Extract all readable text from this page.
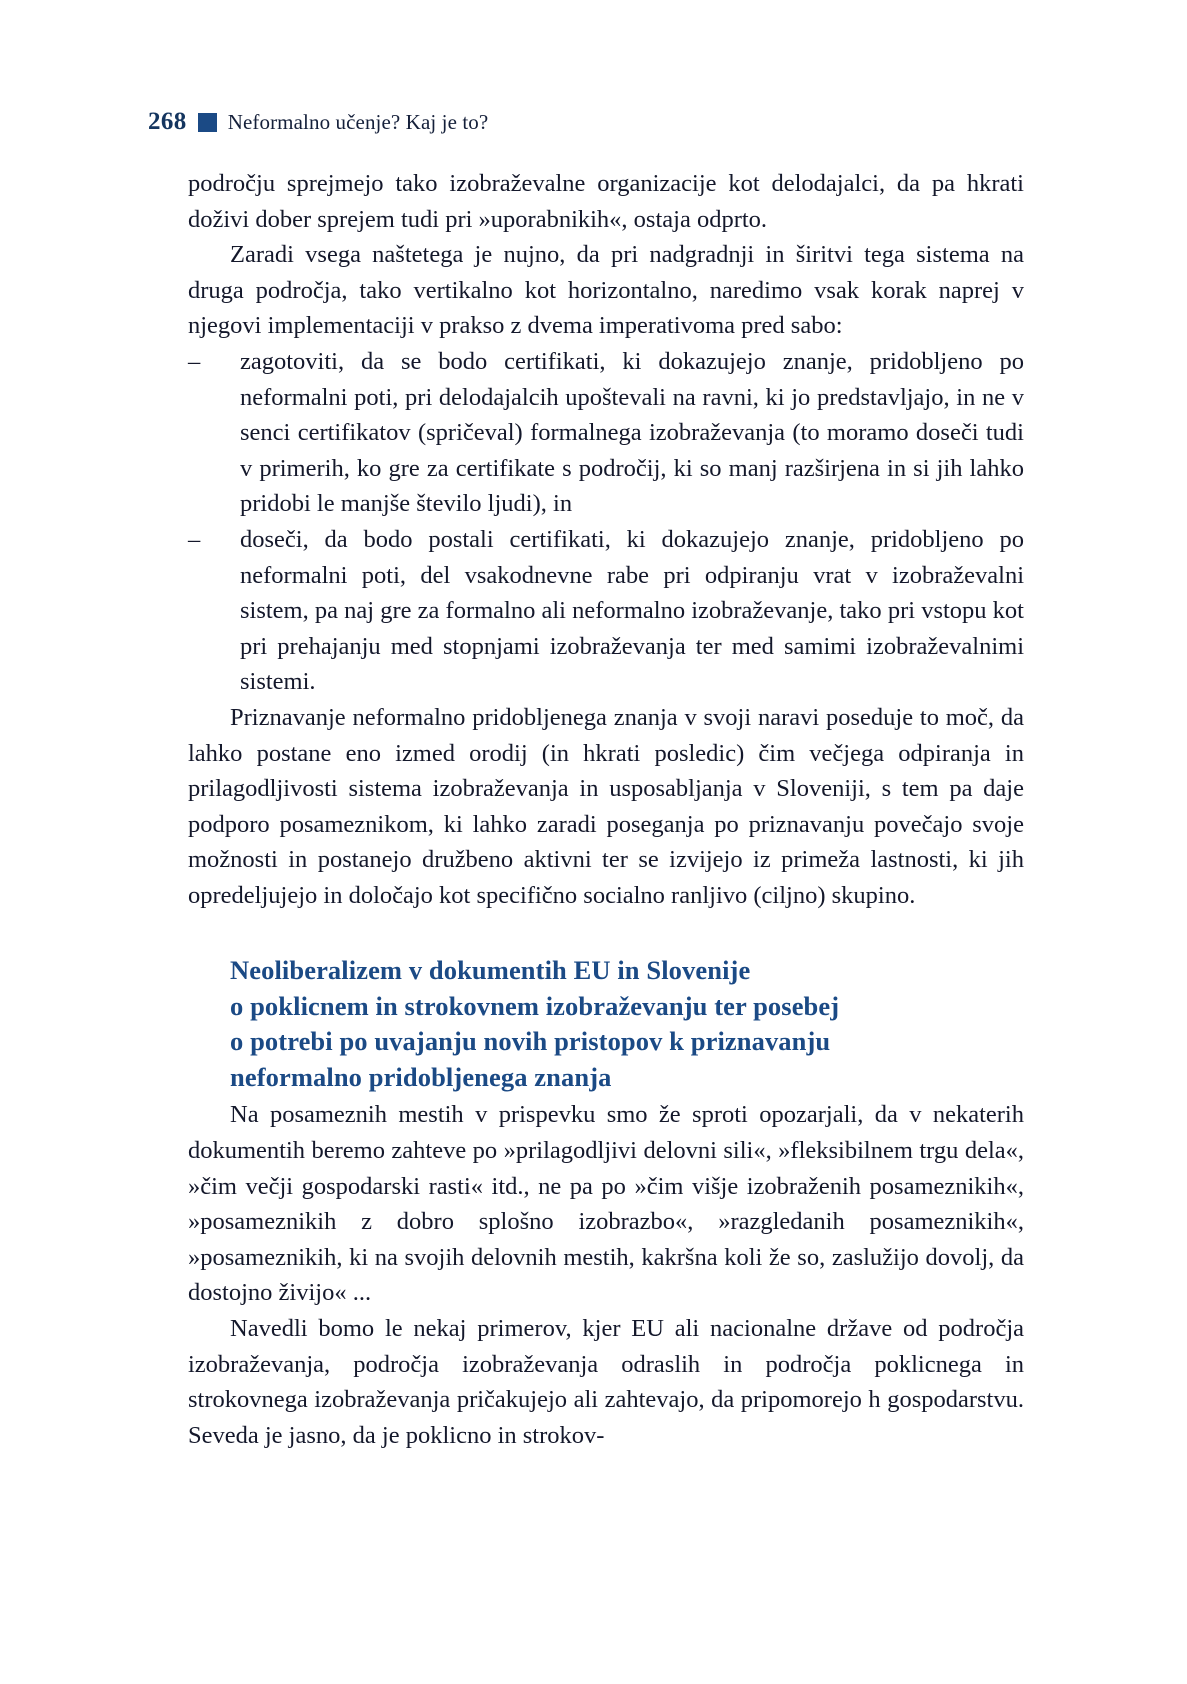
268 Neformalno učenje? Kaj je to?

področju sprejmejo tako izobraževalne organizacije kot delodajalci, da pa hkrati doživi dober sprejem tudi pri »uporabnikih«, ostaja odprto.

Zaradi vsega naštetega je nujno, da pri nadgradnji in širitvi tega sistema na druga področja, tako vertikalno kot horizontalno, naredimo vsak korak naprej v njegovi implementaciji v prakso z dvema imperativoma pred sabo:

–	zagotoviti, da se bodo certifikati, ki dokazujejo znanje, pridobljeno po neformalni poti, pri delodajalcih upoštevali na ravni, ki jo predstavljajo, in ne v senci certifikatov (spričeval) formalnega izobraževanja (to moramo doseči tudi v primerih, ko gre za certifikate s področij, ki so manj razširjena in si jih lahko pridobi le manjše število ljudi), in
–	doseči, da bodo postali certifikati, ki dokazujejo znanje, pridobljeno po neformalni poti, del vsakodnevne rabe pri odpiranju vrat v izobraževalni sistem, pa naj gre za formalno ali neformalno izobraževanje, tako pri vstopu kot pri prehajanju med stopnjami izobraževanja ter med samimi izobraževalnimi sistemi.

Priznavanje neformalno pridobljenega znanja v svoji naravi poseduje to moč, da lahko postane eno izmed orodij (in hkrati posledic) čim večjega odpiranja in prilagodljivosti sistema izobraževanja in usposabljanja v Sloveniji, s tem pa daje podporo posameznikom, ki lahko zaradi poseganja po priznavanju povečajo svoje možnosti in postanejo družbeno aktivni ter se izvijejo iz primeža lastnosti, ki jih opredeljujejo in določajo kot specifično socialno ranljivo (ciljno) skupino.

Neoliberalizem v dokumentih EU in Slovenije
o poklicnem in strokovnem izobraževanju ter posebej
o potrebi po uvajanju novih pristopov k priznavanju
neformalno pridobljenega znanja

Na posameznih mestih v prispevku smo že sproti opozarjali, da v nekaterih dokumentih beremo zahteve po »prilagodljivi delovni sili«, »fleksibilnem trgu dela«, »čim večji gospodarski rasti« itd., ne pa po »čim višje izobraženih posameznikih«, »posameznikih z dobro splošno izobrazbo«, »razgledanih posameznikih«, »posameznikih, ki na svojih delovnih mestih, kakršna koli že so, zaslužijo dovolj, da dostojno živijo« ...

Navedli bomo le nekaj primerov, kjer EU ali nacionalne države od področja izobraževanja, področja izobraževanja odraslih in področja poklicnega in strokovnega izobraževanja pričakujejo ali zahtevajo, da pripomorejo h gospodarstvu. Seveda je jasno, da je poklicno in strokov-
